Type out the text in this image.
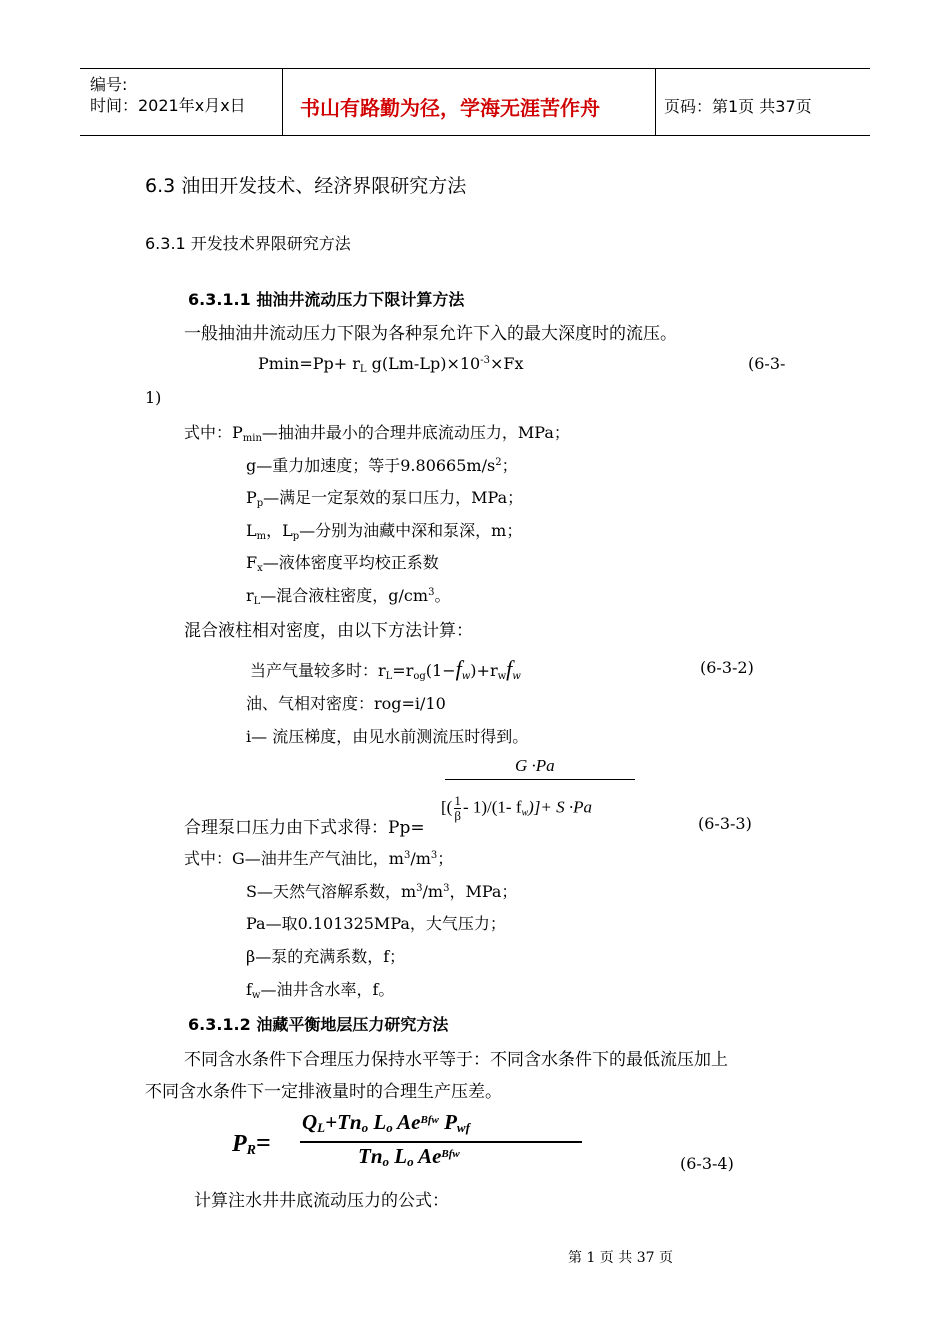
编号:
时间：2021年x月x日	书山有路勤为径，学海无涯苦作舟	页码：第1页 共37页
6.3 油田开发技术、经济界限研究方法
6.3.1 开发技术界限研究方法
6.3.1.1 抽油井流动压力下限计算方法
一般抽油井流动压力下限为各种泵允许下入的最大深度时的流压。
$Pmin=Pp+ r_L$ $g(Lm-Lp)\times 10^{-3}\times Fx$	(6-3-
1)
式中：$P_{min}—$抽油井最小的合理井底流动压力，MPa；
g—重力加速度；等于$9.80665m/s^2$；
$P_p—$满足一定泵效的泵口压力，MPa；
$L_m$，$L_p—$分别为油藏中深和泵深，m；
$F_x—$液体密度平均校正系数
$r_L—$混合液柱密度，$g/cm^3$。
混合液柱相对密度，由以下方法计算：
当产气量较多时：$r_L=r_{og}(1-f_w)+r_wf_w$	(6-3-2)
油、气相对密度：rog=i/10
i— 流压梯度，由见水前测流压时得到。
G ·Pa
[( $\frac{1}{\beta} - 1)/(1-$ $f_w)]+ S \cdot Pa$
合理泵口压力由下式求得：Pp=	(6-3-3)
式中：G—油井生产气油比，$m^3/m^3$；
S—天然气溶解系数，$m^3/m^3$，MPa；
Pa—取0.101325MPa，大气压力；
β—泵的充满系数，f；
$f_w—$油井含水率，f。
6.3.1.2 油藏平衡地层压力研究方法
不同含水条件下合理压力保持水平等于：不同含水条件下的最低流压加上
不同含水条件下一定排液量时的合理生产压差。
$P_R=$
$Q_L+Tn_o$ $L_o$ $Ae^{Bfw}$ $P_{wf}$
$Tn_o$ $L_o$ $Ae^{Bfw}$	(6-3-4)
计算注水井井底流动压力的公式：
第 1 页 共 37 页
